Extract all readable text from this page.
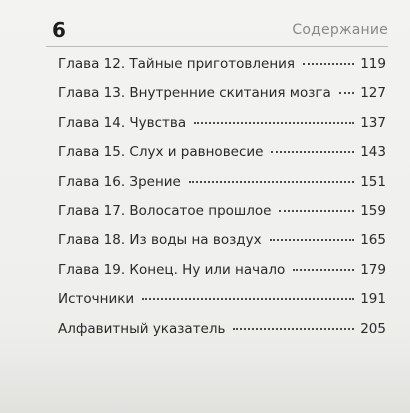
6	Содержание
Глава 12. Тайные приготовления	119
Глава 13. Внутренние скитания мозга 127
Глава 14. Чувства	137
Глава 15. Слух и равновесие	143
Глава 16. Зрение	151
Глава 17. Волосатое прошлое	159
Глава 18. Из воды на воздух	165
Глава 19. Конец. Ну или начало	179
Источники	191
Алфавитный указатель	205
